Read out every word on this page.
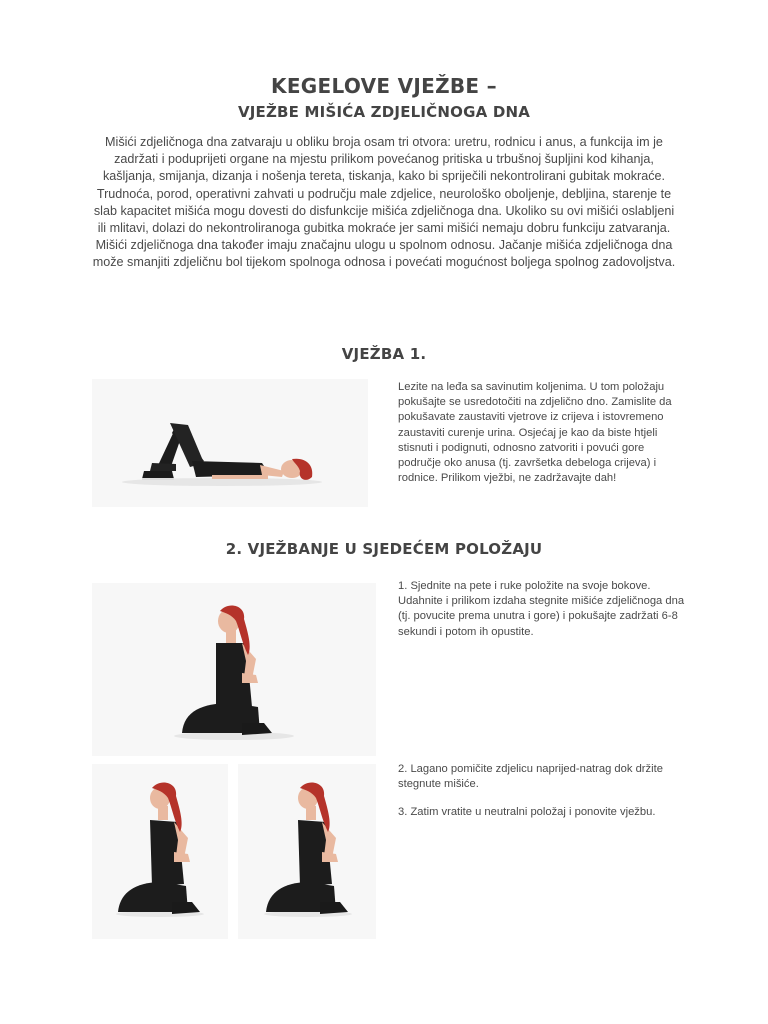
KEGELOVE VJEŽBE –
VJEŽBE MIŠIĆA ZDJELIČNOGA DNA
Mišići zdjeličnoga dna zatvaraju u obliku broja osam tri otvora: uretru, rodnicu i anus, a funkcija im je zadržati i poduprijeti organe na mjestu prilikom povećanog pritiska u trbušnoj šupljini kod kihanja, kašljanja, smijanja, dizanja i nošenja tereta, tiskanja, kako bi spriječili nekontrolirani gubitak mokraće. Trudnoća, porod, operativni zahvati u području male zdjelice, neurološko oboljenje, debljina, starenje te slab kapacitet mišića mogu dovesti do disfunkcije mišića zdjeličnoga dna. Ukoliko su ovi mišići oslabljeni ili mlitavi, dolazi do nekontroliranoga gubitka mokraće jer sami mišići nemaju dobru funkciju zatvaranja. Mišići zdjeličnoga dna također imaju značajnu ulogu u spolnom odnosu. Jačanje mišića zdjeličnoga dna može smanjiti zdjeličnu bol tijekom spolnoga odnosa i povećati mogućnost boljega spolnog zadovoljstva.
VJEŽBA 1.
Lezite na leđa sa savinutim koljenima. U tom položaju pokušajte se usredotočiti na zdjelično dno. Zamislite da pokušavate zaustaviti vjetrove iz crijeva i istovremeno zaustaviti curenje urina. Osjećaj je kao da biste htjeli stisnuti i podignuti, odnosno zatvoriti i povući gore područje oko anusa (tj. završetka debeloga crijeva) i rodnice. Prilikom vježbi, ne zadržavajte dah!
2. VJEŽBANJE U SJEDEĆEM POLOŽAJU
1. Sjednite na pete i ruke položite na svoje bokove. Udahnite i prilikom izdaha stegnite mišiće zdjeličnoga dna (tj. povucite prema unutra i gore) i pokušajte zadržati 6-8 sekundi i potom ih opustite.

2. Lagano pomičite zdjelicu naprijed-natrag dok držite stegnute mišiće.

3. Zatim vratite u neutralni položaj i ponovite vježbu.
